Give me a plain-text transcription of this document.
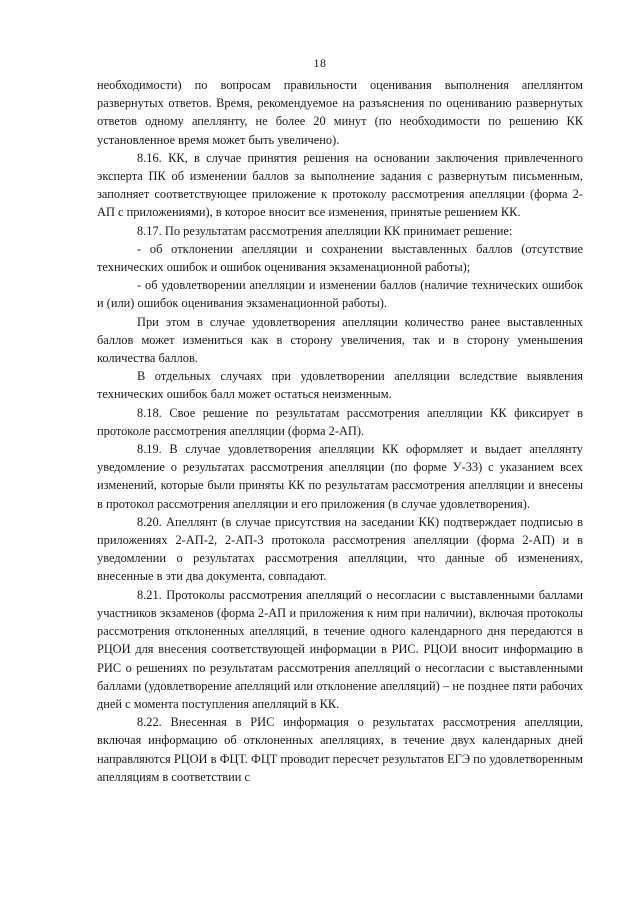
18

необходимости) по вопросам правильности оценивания выполнения апеллянтом развернутых ответов. Время, рекомендуемое на разъяснения по оцениванию развернутых ответов одному апеллянту, не более 20 минут (по необходимости по решению КК установленное время может быть увеличено).

8.16. КК, в случае принятия решения на основании заключения привлеченного эксперта ПК об изменении баллов за выполнение задания с развернутым письменным, заполняет соответствующее приложение к протоколу рассмотрения апелляции (форма 2-АП с приложениями), в которое вносит все изменения, принятые решением КК.

8.17. По результатам рассмотрения апелляции КК принимает решение:

- об отклонении апелляции и сохранении выставленных баллов (отсутствие технических ошибок и ошибок оценивания экзаменационной работы);

- об удовлетворении апелляции и изменении баллов (наличие технических ошибок и (или) ошибок оценивания экзаменационной работы).

При этом в случае удовлетворения апелляции количество ранее выставленных баллов может измениться как в сторону увеличения, так и в сторону уменьшения количества баллов.

В отдельных случаях при удовлетворении апелляции вследствие выявления технических ошибок балл может остаться неизменным.

8.18. Свое решение по результатам рассмотрения апелляции КК фиксирует в протоколе рассмотрения апелляции (форма 2-АП).

8.19. В случае удовлетворения апелляции КК оформляет и выдает апеллянту уведомление о результатах рассмотрения апелляции (по форме У-33) с указанием всех изменений, которые были приняты КК по результатам рассмотрения апелляции и внесены в протокол рассмотрения апелляции и его приложения (в случае удовлетворения).

8.20. Апеллянт (в случае присутствия на заседании КК) подтверждает подписью в приложениях 2-АП-2, 2-АП-3 протокола рассмотрения апелляции (форма 2-АП) и в уведомлении о результатах рассмотрения апелляции, что данные об изменениях, внесенные в эти два документа, совпадают.

8.21. Протоколы рассмотрения апелляций о несогласии с выставленными баллами участников экзаменов (форма 2-АП и приложения к ним при наличии), включая протоколы рассмотрения отклоненных апелляций, в течение одного календарного дня передаются в РЦОИ для внесения соответствующей информации в РИС. РЦОИ вносит информацию в РИС о решениях по результатам рассмотрения апелляций о несогласии с выставленными баллами (удовлетворение апелляций или отклонение апелляций) – не позднее пяти рабочих дней с момента поступления апелляций в КК.

8.22. Внесенная в РИС информация о результатах рассмотрения апелляции, включая информацию об отклоненных апелляциях, в течение двух календарных дней направляются РЦОИ в ФЦТ. ФЦТ проводит пересчет результатов ЕГЭ по удовлетворенным апелляциям в соответствии с
